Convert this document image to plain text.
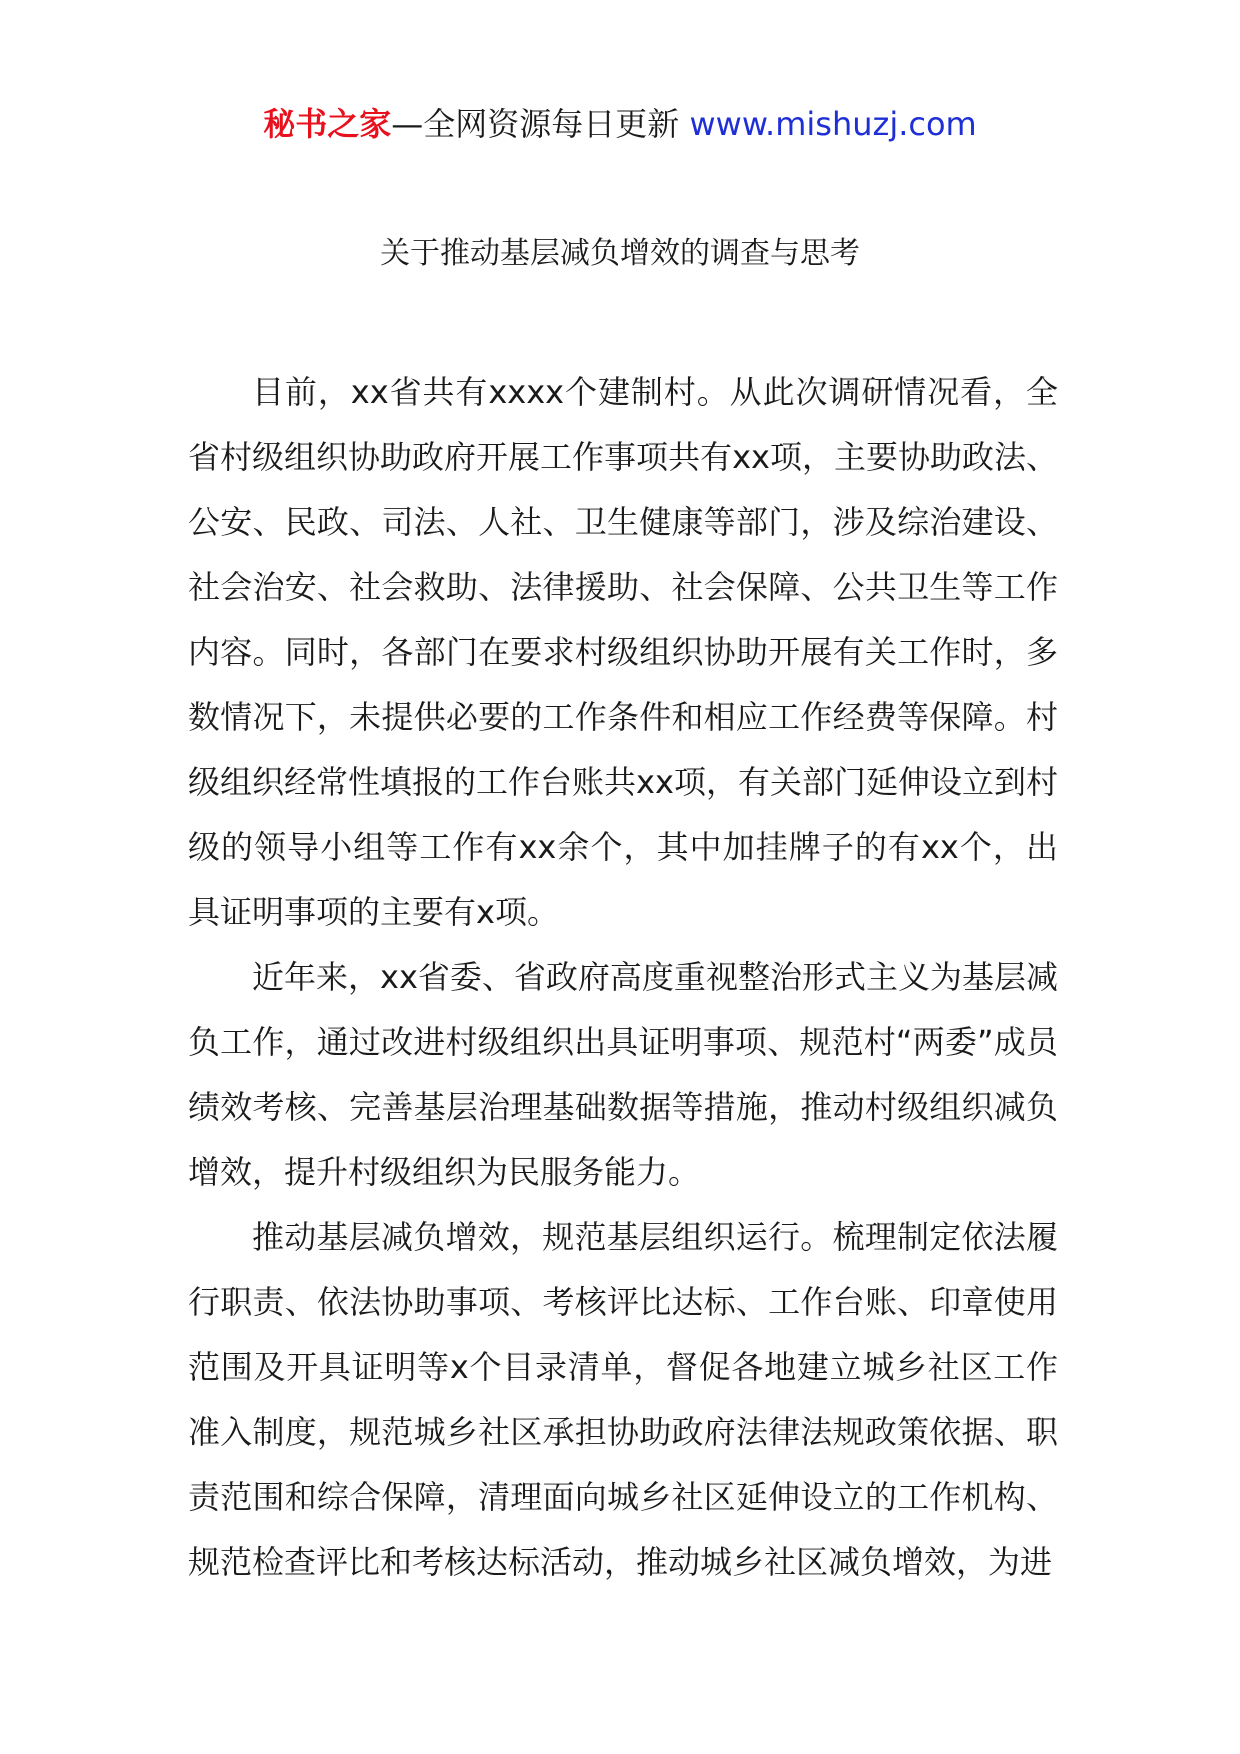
秘书之家—全网资源每日更新 www.mishuzj.com
关于推动基层减负增效的调查与思考

目前，xx省共有xxxx个建制村。从此次调研情况看，全省村级组织协助政府开展工作事项共有xx项，主要协助政法、公安、民政、司法、人社、卫生健康等部门，涉及综治建设、社会治安、社会救助、法律援助、社会保障、公共卫生等工作内容。同时，各部门在要求村级组织协助开展有关工作时，多数情况下，未提供必要的工作条件和相应工作经费等保障。村级组织经常性填报的工作台账共xx项，有关部门延伸设立到村级的领导小组等工作有xx余个，其中加挂牌子的有xx个，出具证明事项的主要有x项。

近年来，xx省委、省政府高度重视整治形式主义为基层减负工作，通过改进村级组织出具证明事项、规范村“两委”成员绩效考核、完善基层治理基础数据等措施，推动村级组织减负增效，提升村级组织为民服务能力。

推动基层减负增效，规范基层组织运行。梳理制定依法履行职责、依法协助事项、考核评比达标、工作台账、印章使用范围及开具证明等x个目录清单，督促各地建立城乡社区工作准入制度，规范城乡社区承担协助政府法律法规政策依据、职责范围和综合保障，清理面向城乡社区延伸设立的工作机构、规范检查评比和考核达标活动，推动城乡社区减负增效，为进
